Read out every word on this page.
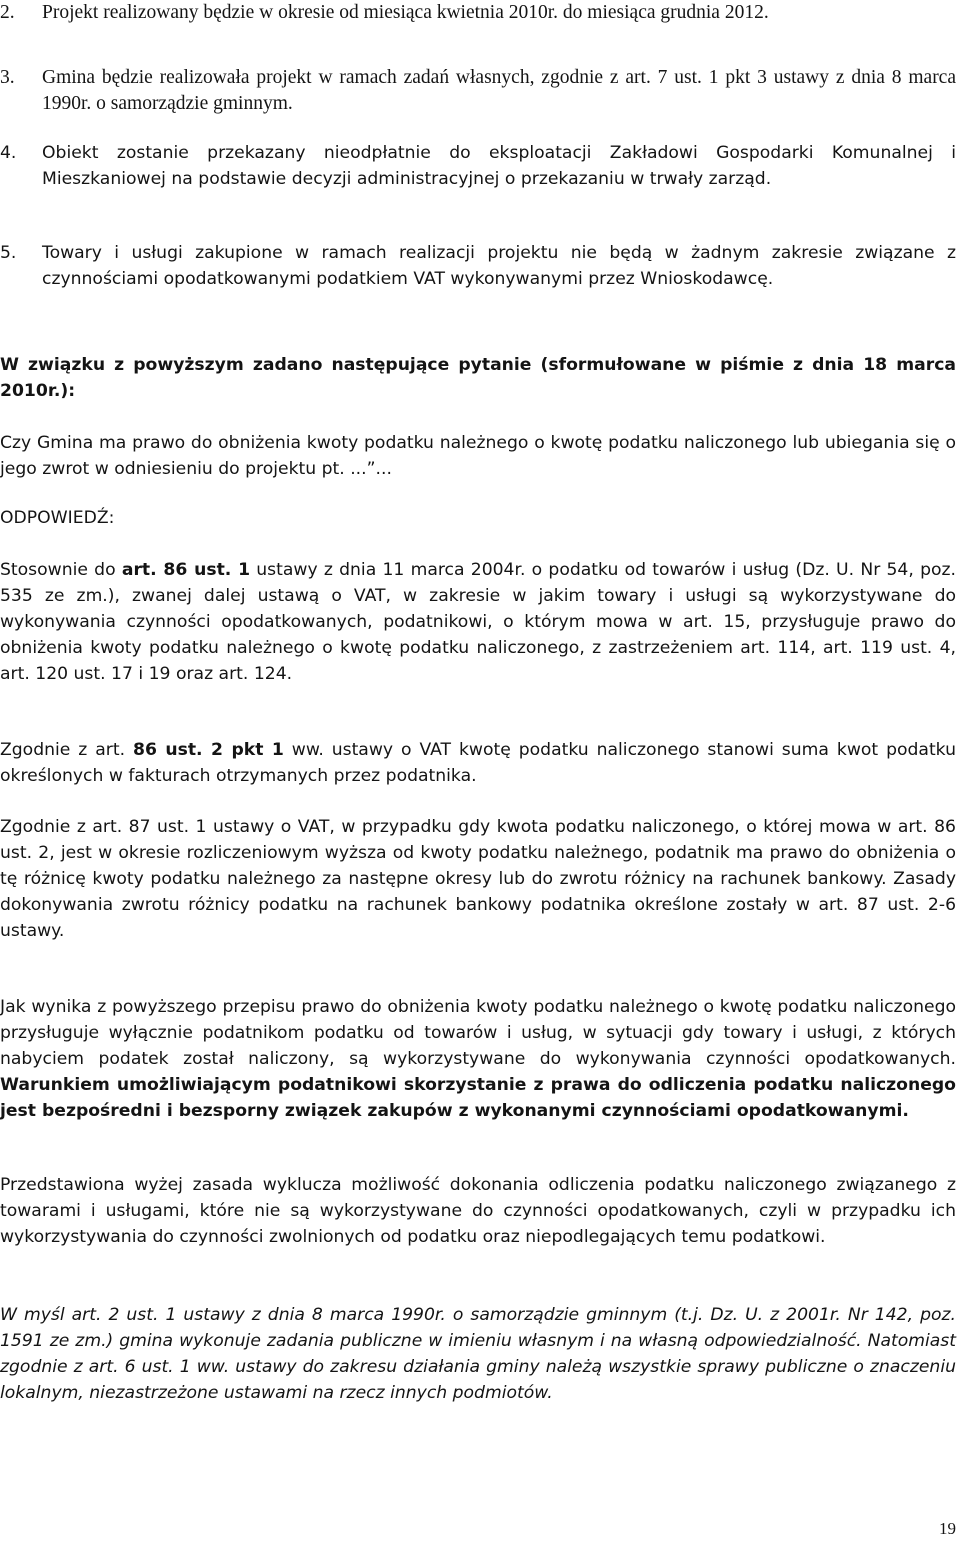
2. Projekt realizowany będzie w okresie od miesiąca kwietnia 2010r. do miesiąca grudnia 2012.
3. Gmina będzie realizowała projekt w ramach zadań własnych, zgodnie z art. 7 ust. 1 pkt 3 ustawy z dnia 8 marca 1990r. o samorządzie gminnym.
4. Obiekt zostanie przekazany nieodpłatnie do eksploatacji Zakładowi Gospodarki Komunalnej i Mieszkaniowej na podstawie decyzji administracyjnej o przekazaniu w trwały zarząd.
5. Towary i usługi zakupione w ramach realizacji projektu nie będą w żadnym zakresie związane z czynnościami opodatkowanymi podatkiem VAT wykonywanymi przez Wnioskodawcę.

W związku z powyższym zadano następujące pytanie (sformułowane w piśmie z dnia 18 marca 2010r.):

Czy Gmina ma prawo do obniżenia kwoty podatku należnego o kwotę podatku naliczonego lub ubiegania się o jego zwrot w odniesieniu do projektu pt. ...”...

ODPOWIEDŹ:

Stosownie do art. 86 ust. 1 ustawy z dnia 11 marca 2004r. o podatku od towarów i usług (Dz. U. Nr 54, poz. 535 ze zm.), zwanej dalej ustawą o VAT, w zakresie w jakim towary i usługi są wykorzystywane do wykonywania czynności opodatkowanych, podatnikowi, o którym mowa w art. 15, przysługuje prawo do obniżenia kwoty podatku należnego o kwotę podatku naliczonego, z zastrzeżeniem art. 114, art. 119 ust. 4, art. 120 ust. 17 i 19 oraz art. 124.

Zgodnie z art. 86 ust. 2 pkt 1 ww. ustawy o VAT kwotę podatku naliczonego stanowi suma kwot podatku określonych w fakturach otrzymanych przez podatnika.

Zgodnie z art. 87 ust. 1 ustawy o VAT, w przypadku gdy kwota podatku naliczonego, o której mowa w art. 86 ust. 2, jest w okresie rozliczeniowym wyższa od kwoty podatku należnego, podatnik ma prawo do obniżenia o tę różnicę kwoty podatku należnego za następne okresy lub do zwrotu różnicy na rachunek bankowy. Zasady dokonywania zwrotu różnicy podatku na rachunek bankowy podatnika określone zostały w art. 87 ust. 2-6 ustawy.

Jak wynika z powyższego przepisu prawo do obniżenia kwoty podatku należnego o kwotę podatku naliczonego przysługuje wyłącznie podatnikom podatku od towarów i usług, w sytuacji gdy towary i usługi, z których nabyciem podatek został naliczony, są wykorzystywane do wykonywania czynności opodatkowanych. Warunkiem umożliwiającym podatnikowi skorzystanie z prawa do odliczenia podatku naliczonego jest bezpośredni i bezsporny związek zakupów z wykonanymi czynnościami opodatkowanymi.

Przedstawiona wyżej zasada wyklucza możliwość dokonania odliczenia podatku naliczonego związanego z towarami i usługami, które nie są wykorzystywane do czynności opodatkowanych, czyli w przypadku ich wykorzystywania do czynności zwolnionych od podatku oraz niepodlegających temu podatkowi.

W myśl art. 2 ust. 1 ustawy z dnia 8 marca 1990r. o samorządzie gminnym (t.j. Dz. U. z 2001r. Nr 142, poz. 1591 ze zm.) gmina wykonuje zadania publiczne w imieniu własnym i na własną odpowiedzialność. Natomiast zgodnie z art. 6 ust. 1 ww. ustawy do zakresu działania gminy należą wszystkie sprawy publiczne o znaczeniu lokalnym, niezastrzeżone ustawami na rzecz innych podmiotów.

19
